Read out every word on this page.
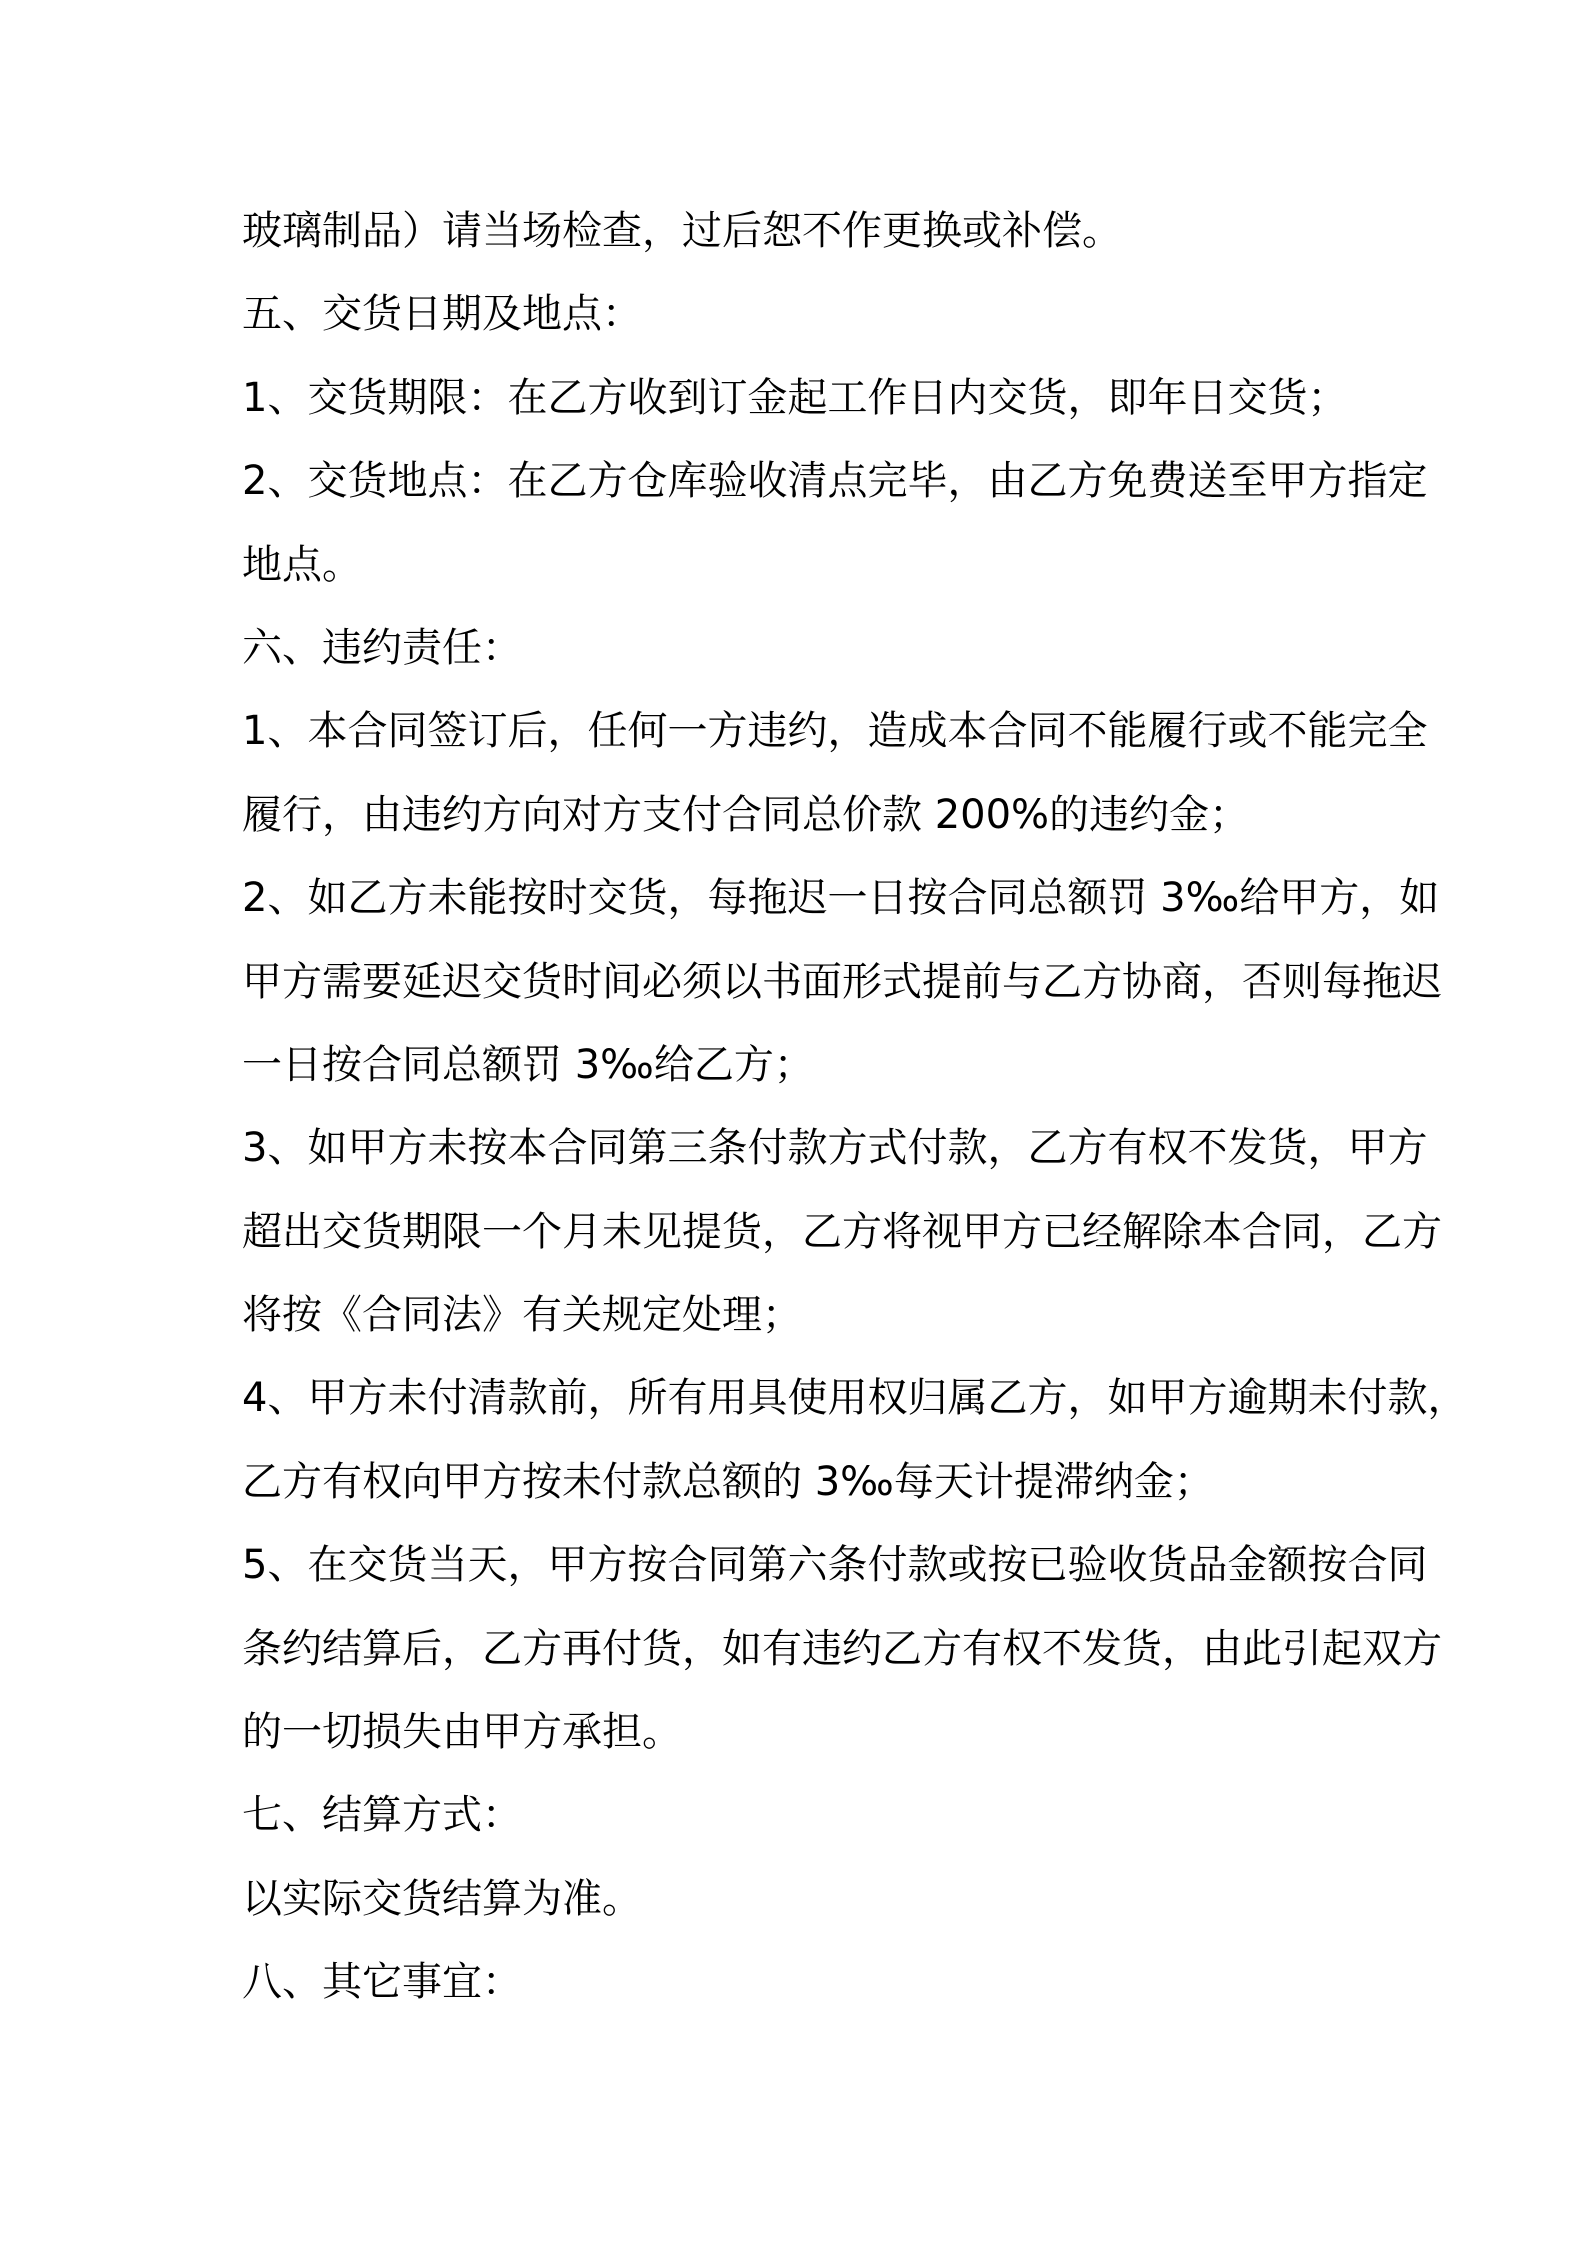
玻璃制品）请当场检查，过后恕不作更换或补偿。
五、交货日期及地点：
1、交货期限：在乙方收到订金起工作日内交货，即年日交货；
2、交货地点：在乙方仓库验收清点完毕，由乙方免费送至甲方指定
地点。
六、违约责任：
1、本合同签订后，任何一方违约，造成本合同不能履行或不能完全
履行，由违约方向对方支付合同总价款 200%的违约金；
2、如乙方未能按时交货，每拖迟一日按合同总额罚 3‰给甲方，如
甲方需要延迟交货时间必须以书面形式提前与乙方协商，否则每拖迟
一日按合同总额罚 3‰给乙方；
3、如甲方未按本合同第三条付款方式付款，乙方有权不发货，甲方
超出交货期限一个月未见提货，乙方将视甲方已经解除本合同，乙方
将按《合同法》有关规定处理；
4、甲方未付清款前，所有用具使用权归属乙方，如甲方逾期未付款，
乙方有权向甲方按未付款总额的 3‰每天计提滞纳金；
5、在交货当天，甲方按合同第六条付款或按已验收货品金额按合同
条约结算后，乙方再付货，如有违约乙方有权不发货，由此引起双方
的一切损失由甲方承担。
七、结算方式：
以实际交货结算为准。
八、其它事宜：
